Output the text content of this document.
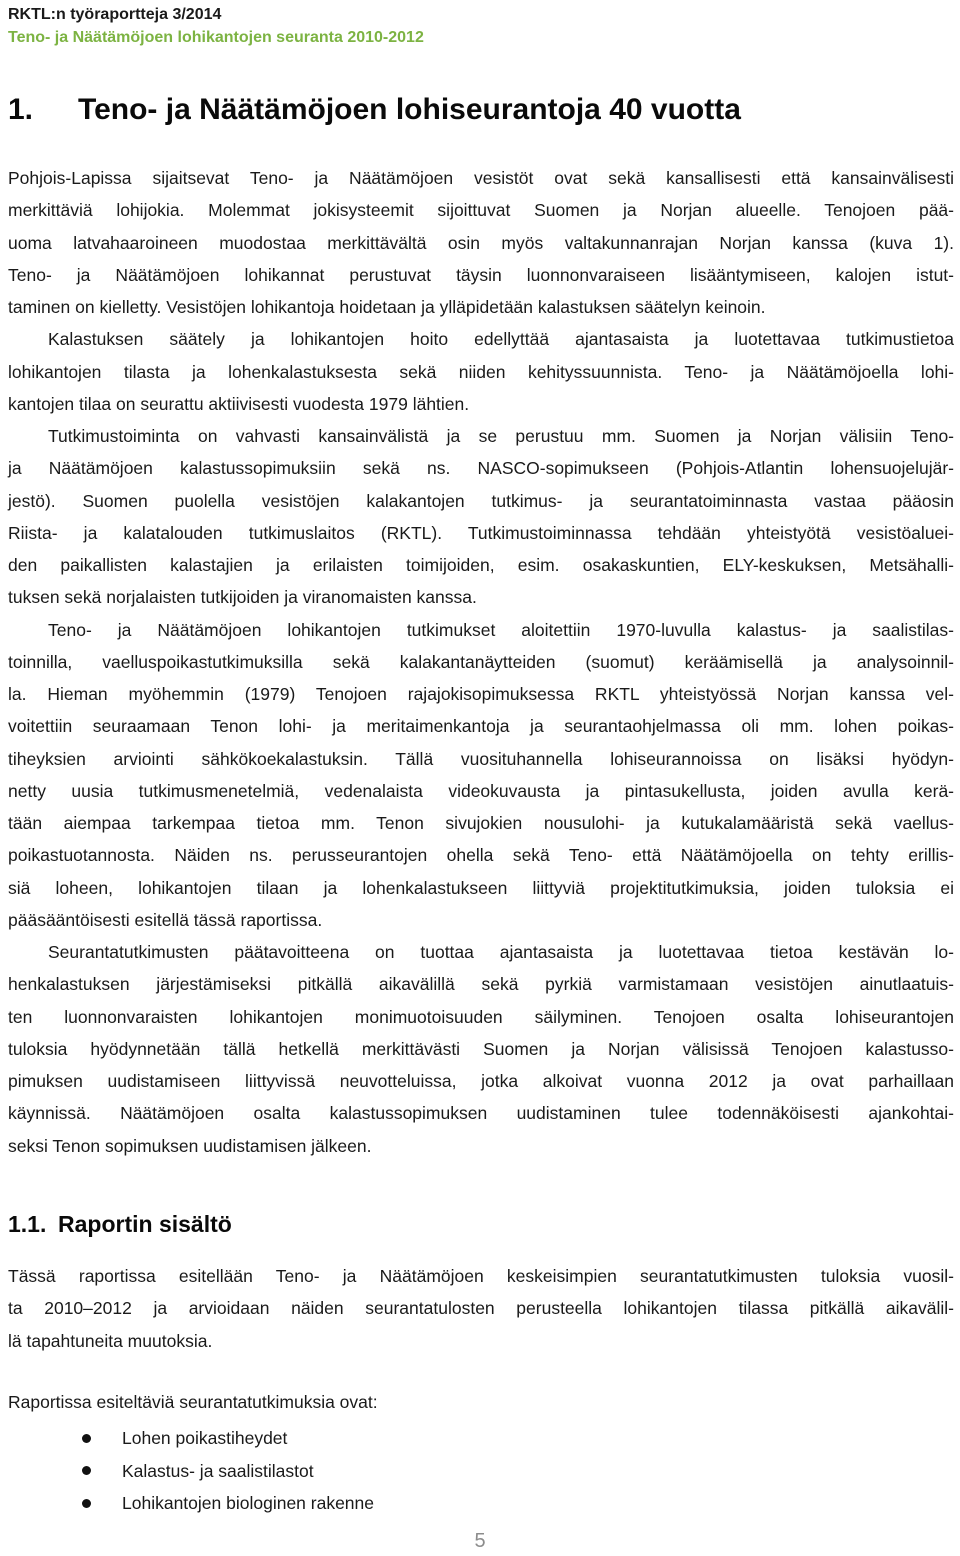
RKTL:n työraportteja 3/2014
Teno- ja Näätämöjoen lohikantojen seuranta 2010-2012
1. Teno- ja Näätämöjoen lohiseurantoja 40 vuotta
Pohjois-Lapissa sijaitsevat Teno- ja Näätämöjoen vesistöt ovat sekä kansallisesti että kansainvälisesti
merkittäviä lohijokia. Molemmat jokisysteemit sijoittuvat Suomen ja Norjan alueelle. Tenojoen pää-
uoma latvahaaroineen muodostaa merkittävältä osin myös valtakunnanrajan Norjan kanssa (kuva 1).
Teno- ja Näätämöjoen lohikannat perustuvat täysin luonnonvaraiseen lisääntymiseen, kalojen istut-
taminen on kielletty. Vesistöjen lohikantoja hoidetaan ja ylläpidetään kalastuksen säätelyn keinoin.
Kalastuksen säätely ja lohikantojen hoito edellyttää ajantasaista ja luotettavaa tutkimustietoa
lohikantojen tilasta ja lohenkalastuksesta sekä niiden kehityssuunnista. Teno- ja Näätämöjoella lohi-
kantojen tilaa on seurattu aktiivisesti vuodesta 1979 lähtien.
Tutkimustoiminta on vahvasti kansainvälistä ja se perustuu mm. Suomen ja Norjan välisiin Teno-
ja Näätämöjoen kalastussopimuksiin sekä ns. NASCO-sopimukseen (Pohjois-Atlantin lohensuojelujär-
jestö). Suomen puolella vesistöjen kalakantojen tutkimus- ja seurantatoiminnasta vastaa pääosin
Riista- ja kalatalouden tutkimuslaitos (RKTL). Tutkimustoiminnassa tehdään yhteistyötä vesistöaluei-
den paikallisten kalastajien ja erilaisten toimijoiden, esim. osakaskuntien, ELY-keskuksen, Metsähalli-
tuksen sekä norjalaisten tutkijoiden ja viranomaisten kanssa.
Teno- ja Näätämöjoen lohikantojen tutkimukset aloitettiin 1970-luvulla kalastus- ja saalistilas-
toinnilla, vaelluspoikastutkimuksilla sekä kalakantanäytteiden (suomut) keräämisellä ja analysoinnil-
la. Hieman myöhemmin (1979) Tenojoen rajajokisopimuksessa RKTL yhteistyössä Norjan kanssa vel-
voitettiin seuraamaan Tenon lohi- ja meritaimenkantoja ja seurantaohjelmassa oli mm. lohen poikas-
tiheyksien arviointi sähkökoekalastuksin. Tällä vuosituhannella lohiseurannoissa on lisäksi hyödyn-
netty uusia tutkimusmenetelmiä, vedenalaista videokuvausta ja pintasukellusta, joiden avulla kerä-
tään aiempaa tarkempaa tietoa mm. Tenon sivujokien nousulohi- ja kutukalamääristä sekä vaellus-
poikastuotannosta. Näiden ns. perusseurantojen ohella sekä Teno- että Näätämöjoella on tehty erillis-
siä loheen, lohikantojen tilaan ja lohenkalastukseen liittyviä projektitutkimuksia, joiden tuloksia ei
pääsääntöisesti esitellä tässä raportissa.
Seurantatutkimusten päätavoitteena on tuottaa ajantasaista ja luotettavaa tietoa kestävän lo-
henkalastuksen järjestämiseksi pitkällä aikavälillä sekä pyrkiä varmistamaan vesistöjen ainutlaatuis-
ten luonnonvaraisten lohikantojen monimuotoisuuden säilyminen. Tenojoen osalta lohiseurantojen
tuloksia hyödynnetään tällä hetkellä merkittävästi Suomen ja Norjan välisissä Tenojoen kalastusso-
pimuksen uudistamiseen liittyvissä neuvotteluissa, jotka alkoivat vuonna 2012 ja ovat parhaillaan
käynnissä. Näätämöjoen osalta kalastussopimuksen uudistaminen tulee todennäköisesti ajankohtai-
seksi Tenon sopimuksen uudistamisen jälkeen.
1.1. Raportin sisältö
Tässä raportissa esitellään Teno- ja Näätämöjoen keskeisimpien seurantatutkimusten tuloksia vuosil-
ta 2010–2012 ja arvioidaan näiden seurantatulosten perusteella lohikantojen tilassa pitkällä aikavälil-
lä tapahtuneita muutoksia.
Raportissa esiteltäviä seurantatutkimuksia ovat:
Lohen poikastiheydet
Kalastus- ja saalistilastot
Lohikantojen biologinen rakenne
5
